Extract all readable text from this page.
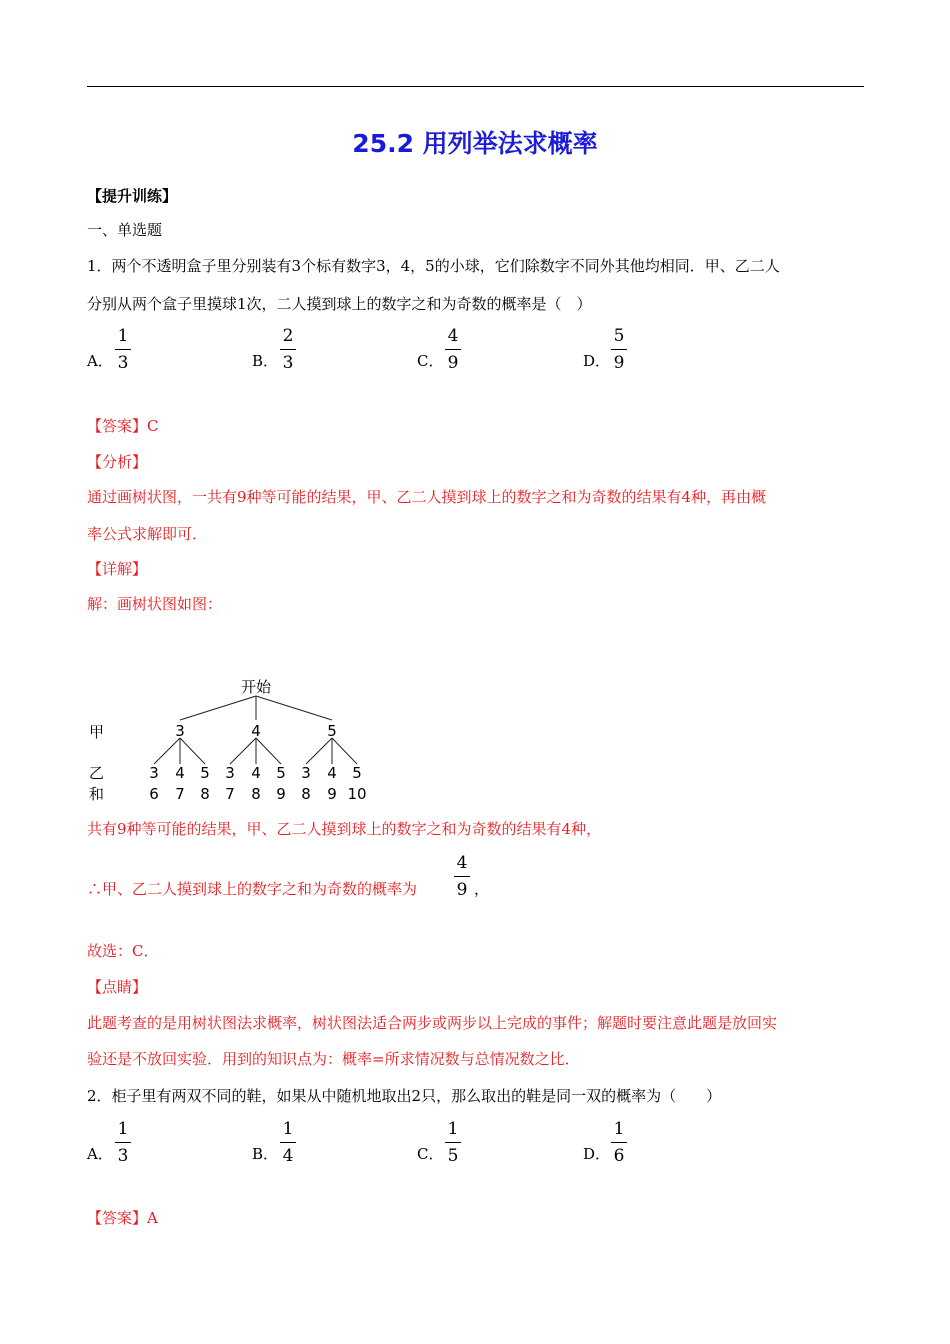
25.2 用列举法求概率
【提升训练】
一、单选题
1．两个不透明盒子里分别装有3个标有数字3，4，5的小球，它们除数字不同外其他均相同．甲、乙二人
分别从两个盒子里摸球1次，二人摸到球上的数字之和为奇数的概率是（　）
A．
1
3	B．
2
3	C．
4
9	D．
5
9
【答案】C
【分析】
通过画树状图，一共有9种等可能的结果，甲、乙二人摸到球上的数字之和为奇数的结果有4种，再由概
率公式求解即可．
【详解】
解：画树状图如图：
开始
甲
乙
和
3	4	5
3 4 5 3 4 5 3 4 5
6 7 8 7 8 9 8 9 10
共有9种等可能的结果，甲、乙二人摸到球上的数字之和为奇数的结果有4种，
∴甲、乙二人摸到球上的数字之和为奇数的概率为
4
9 ，
故选：C．
【点睛】
此题考查的是用树状图法求概率，树状图法适合两步或两步以上完成的事件；解题时要注意此题是放回实
验还是不放回实验．用到的知识点为：概率=所求情况数与总情况数之比．
2．柜子里有两双不同的鞋，如果从中随机地取出2只，那么取出的鞋是同一双的概率为（　　）
A．
1
3	B．
1
4	C．
1
5	D．
1
6
【答案】A
